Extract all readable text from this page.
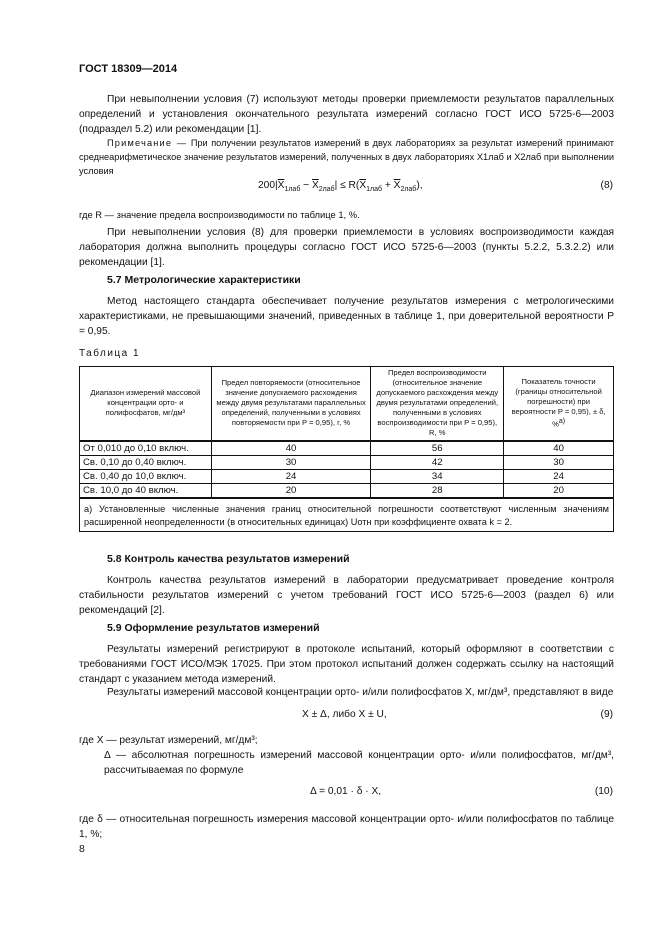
ГОСТ 18309—2014
При невыполнении условия (7) используют методы проверки приемлемости результатов параллельных определений и установления окончательного результата измерений согласно ГОСТ ИСО 5725-6—2003 (подраздел 5.2) или рекомендации [1].
Примечание — При получении результатов измерений в двух лабораториях за результат измерений принимают среднеарифметическое значение результатов измерений, полученных в двух лабораториях X1лаб и X2лаб при выполнении условия
$200|\overline{X}_{1лаб} - \overline{X}_{2лаб}| \le R(\overline{X}_{1лаб} + \overline{X}_{2лаб})$,	(8)
где R — значение предела воспроизводимости по таблице 1, %.
При невыполнении условия (8) для проверки приемлемости в условиях воспроизводимости каждая лаборатория должна выполнить процедуры согласно ГОСТ ИСО 5725-6—2003 (пункты 5.2.2, 5.3.2.2) или рекомендации [1].
5.7 Метрологические характеристики
Метод настоящего стандарта обеспечивает получение результатов измерения с метрологическими характеристиками, не превышающими значений, приведенных в таблице 1, при доверительной вероятности P = 0,95.
Таблица 1
Диапазон измерений массовой концентрации орто- и полифосфатов, мг/дм³	Предел повторяемости (относительное значение допускаемого расхождения между двумя результатами параллельных определений, полученными в условиях повторяемости при P = 0,95), r, %	Предел воспроизводимости (относительное значение допускаемого расхождения между двумя результатами определений, полученными в условиях воспроизводимости при P = 0,95), R, %	Показатель точности (границы относительной погрешности) при вероятности P = 0,95), ± δ, %$^{а)}$
От 0,010 до 0,10 включ.	40	56	40
Св. 0,10 до 0,40 включ.	30	42	30
Св. 0,40 до 10,0 включ.	24	34	24
Св. 10,0 до 40 включ.	20	28	20
а) Установленные численные значения границ относительной погрешности соответствуют численным значениям расширенной неопределенности (в относительных единицах) Uотн при коэффициенте охвата k = 2.			
5.8 Контроль качества результатов измерений
Контроль качества результатов измерений в лаборатории предусматривает проведение контроля стабильности результатов измерений с учетом требований ГОСТ ИСО 5725-6—2003 (раздел 6) или рекомендаций [2].
5.9 Оформление результатов измерений
Результаты измерений регистрируют в протоколе испытаний, который оформляют в соответствии с требованиями ГОСТ ИСО/МЭК 17025. При этом протокол испытаний должен содержать ссылку на настоящий стандарт с указанием метода измерений.
Результаты измерений массовой концентрации орто- и/или полифосфатов X, мг/дм³, представляют в виде
X ± Δ, либо X ± U,	(9)
где X — результат измерений, мг/дм³;
Δ — абсолютная погрешность измерений массовой концентрации орто- и/или полифосфатов, мг/дм³, рассчитываемая по формуле
Δ = 0,01 · δ · X,	(10)
где δ — относительная погрешность измерения массовой концентрации орто- и/или полифосфатов по таблице 1, %;
8
